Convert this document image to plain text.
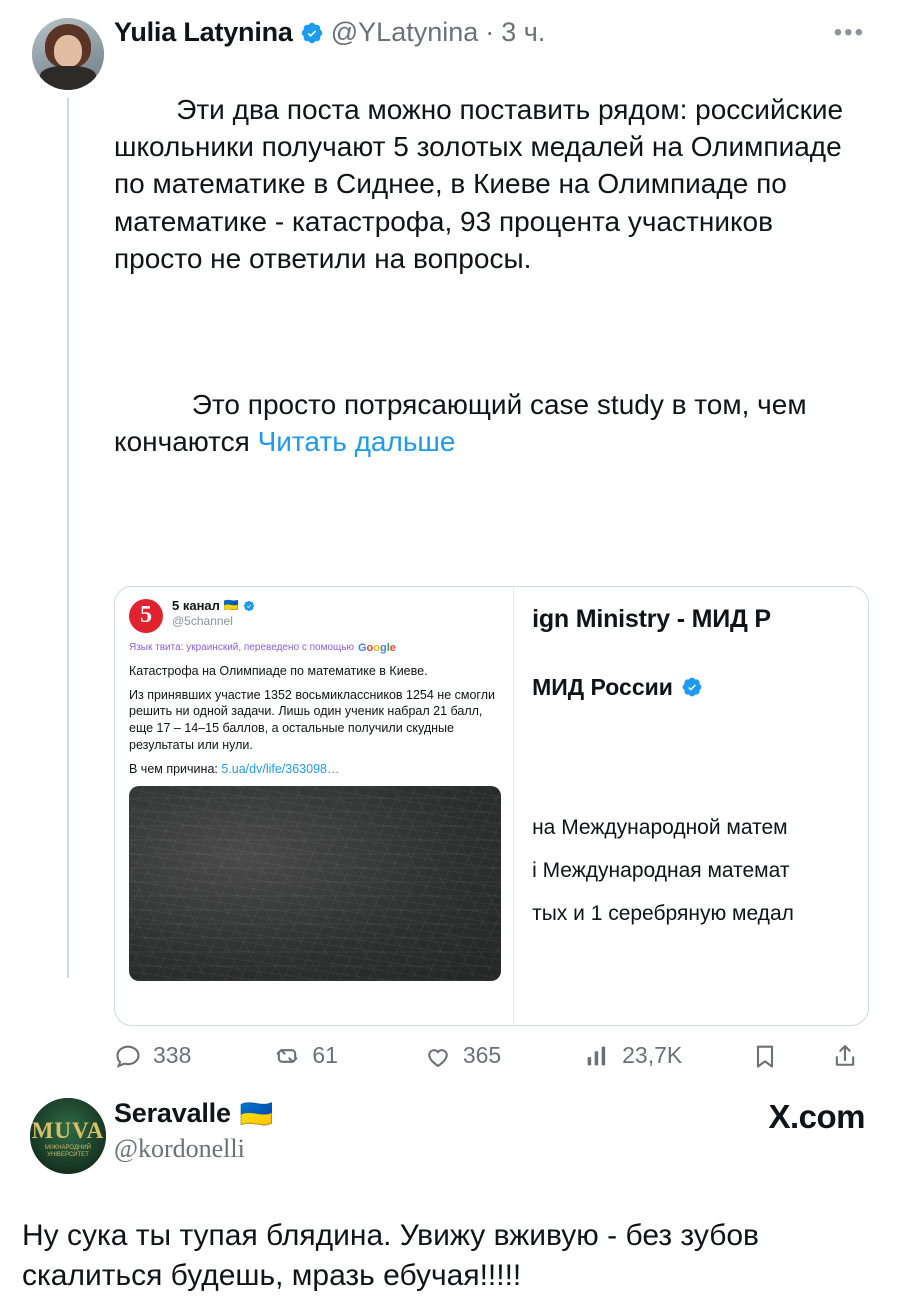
Yulia Latynina @YLatynina · 3 ч.	•••

Эти два поста можно поставить рядом: российские школьники получают 5 золотых медалей на Олимпиаде по математике в Сиднее, в Киеве на Олимпиаде по математике - катастрофа, 93 процента участников просто не ответили на вопросы.

Это просто потрясающий case study в том, чем кончаются Читать дальше

5	5 канал 🇺🇦
@5channel
Язык твита: украинский, переведено с помощью Google
Катастрофа на Олимпиаде по математике в Киеве.
Из принявших участие 1352 восьмиклассников 1254 не смогли решить ни одной задачи. Лишь один ученик набрал 21 балл, еще 17 – 14–15 баллов, а остальные получили скудные результаты или нули.
В чем причина: 5.ua/dv/life/363098…
ign Ministry - МИД Р
МИД России
на Международной матем
і Международная математ
тых и 1 серебряную медал
338	61	365	23,7K
MUVA
МІЖНАРОДНИЙ
УНІВЕРСИТЕТ
Seravalle 🇺🇦
@kordonelli
X.com
Ну сука ты тупая блядина. Увижу вживую - без зубов скалиться будешь, мразь ебучая!!!!!
